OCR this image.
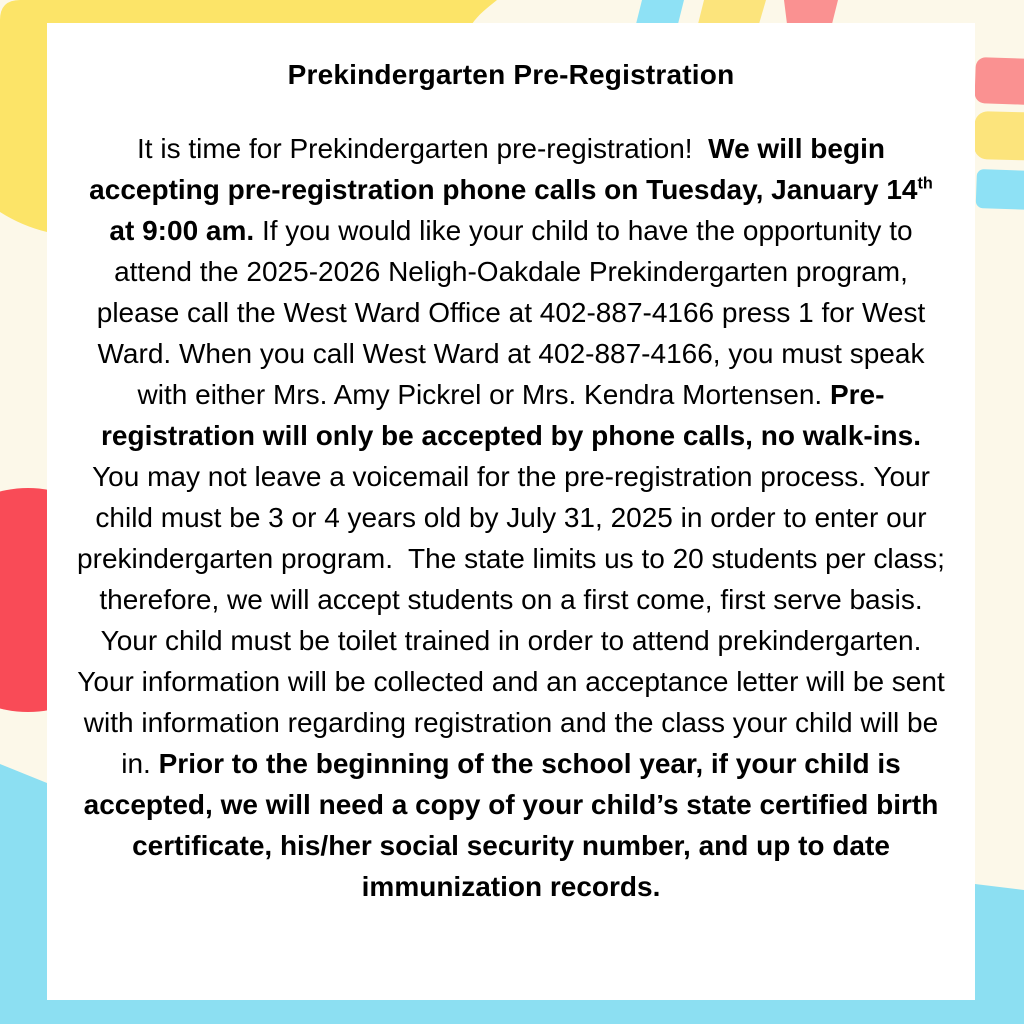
Prekindergarten Pre-Registration

It is time for Prekindergarten pre-registration!  We will begin accepting pre-registration phone calls on Tuesday, January 14th at 9:00 am. If you would like your child to have the opportunity to attend the 2025-2026 Neligh-Oakdale Prekindergarten program, please call the West Ward Office at 402-887-4166 press 1 for West Ward. When you call West Ward at 402-887-4166, you must speak with either Mrs. Amy Pickrel or Mrs. Kendra Mortensen. Pre-registration will only be accepted by phone calls, no walk-ins. You may not leave a voicemail for the pre-registration process. Your child must be 3 or 4 years old by July 31, 2025 in order to enter our prekindergarten program.  The state limits us to 20 students per class; therefore, we will accept students on a first come, first serve basis.  Your child must be toilet trained in order to attend prekindergarten.  Your information will be collected and an acceptance letter will be sent with information regarding registration and the class your child will be in. Prior to the beginning of the school year, if your child is accepted, we will need a copy of your child’s state certified birth certificate, his/her social security number, and up to date immunization records.
